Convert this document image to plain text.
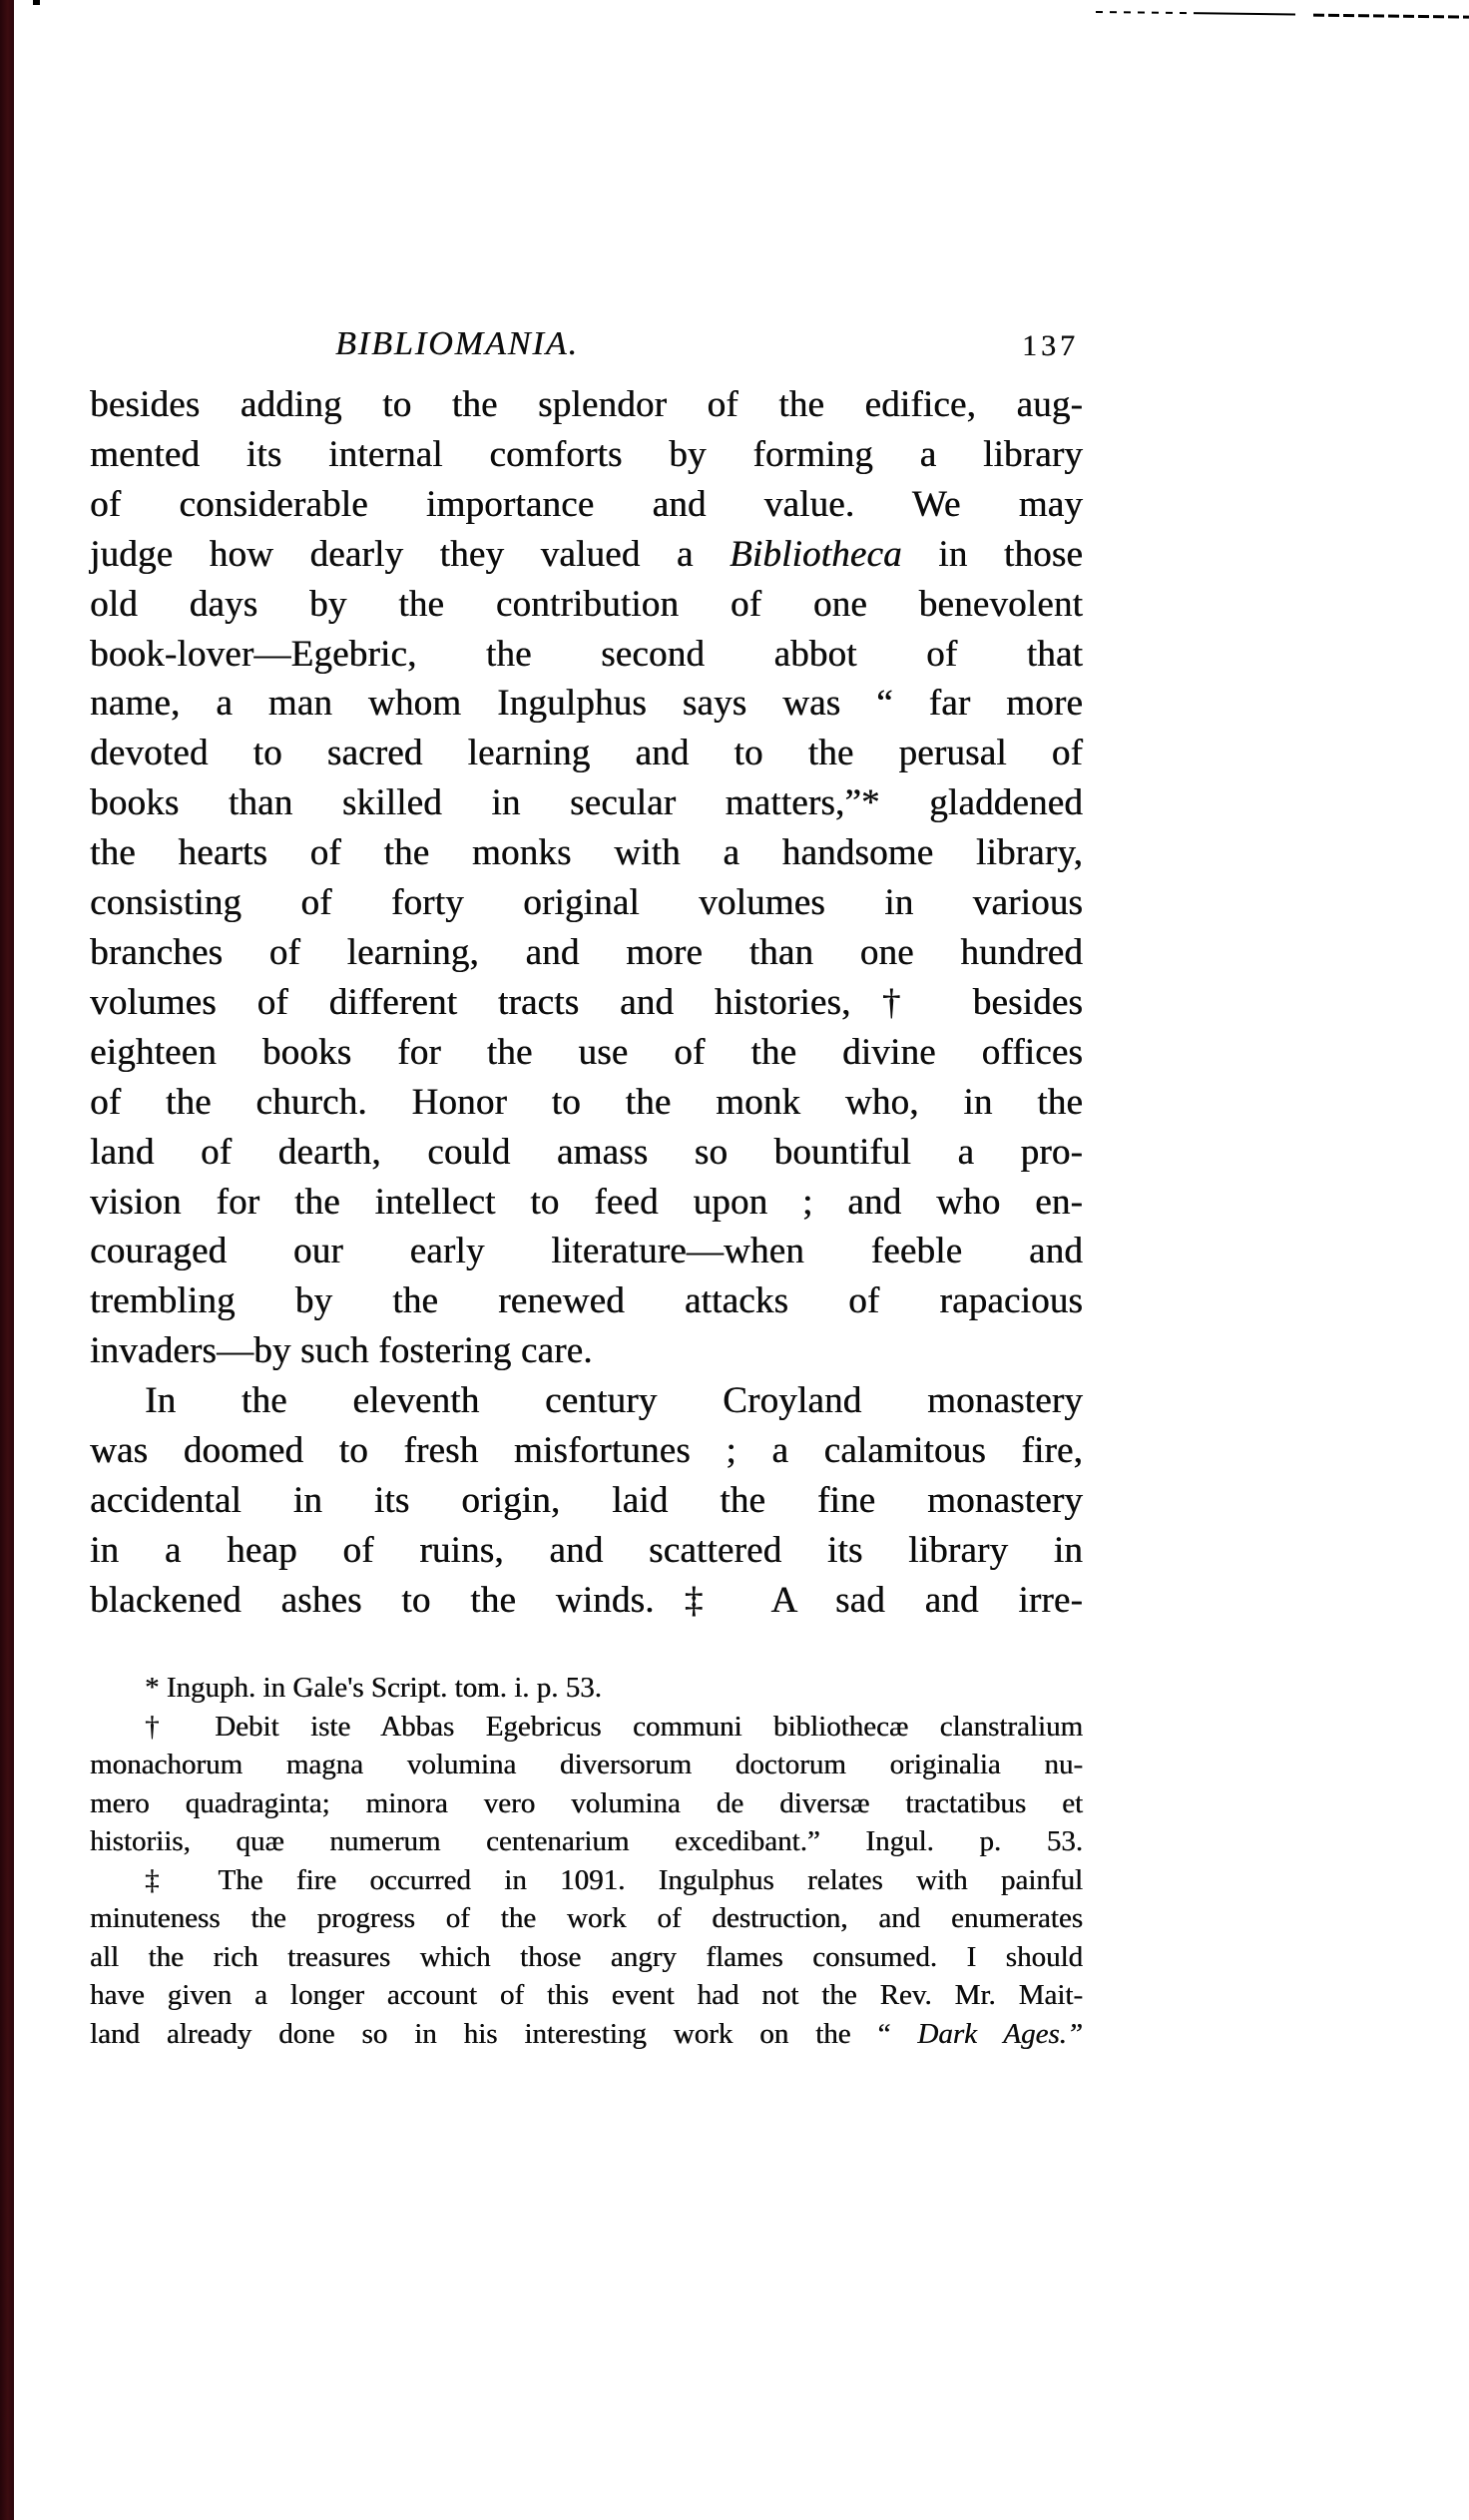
BIBLIOMANIA.	137
besides adding to the splendor of the edifice, aug-
mented its internal comforts by forming a library
of considerable importance and value. We may
judge how dearly they valued a Bibliotheca in those
old days by the contribution of one benevolent
book-lover—Egebric, the second abbot of that
name, a man whom Ingulphus says was “ far more
devoted to sacred learning and to the perusal of
books than skilled in secular matters,”* gladdened
the hearts of the monks with a handsome library,
consisting of forty original volumes in various
branches of learning, and more than one hundred
volumes of different tracts and histories,† besides
eighteen books for the use of the divine offices
of the church. Honor to the monk who, in the
land of dearth, could amass so bountiful a pro-
vision for the intellect to feed upon ; and who en-
couraged our early literature—when feeble and
trembling by the renewed attacks of rapacious
invaders—by such fostering care.
In the eleventh century Croyland monastery
was doomed to fresh misfortunes ; a calamitous fire,
accidental in its origin, laid the fine monastery
in a heap of ruins, and scattered its library in
blackened ashes to the winds.‡ A sad and irre-
* Inguph. in Gale's Script. tom. i. p. 53.
† Debit iste Abbas Egebricus communi bibliothecæ clanstralium
monachorum magna volumina diversorum doctorum originalia nu-
mero quadraginta; minora vero volumina de diversæ tractatibus et
historiis, quæ numerum centenarium excedibant.” Ingul. p. 53.
‡ The fire occurred in 1091. Ingulphus relates with painful
minuteness the progress of the work of destruction, and enumerates
all the rich treasures which those angry flames consumed. I should
have given a longer account of this event had not the Rev. Mr. Mait-
land already done so in his interesting work on the “ Dark Ages.”
